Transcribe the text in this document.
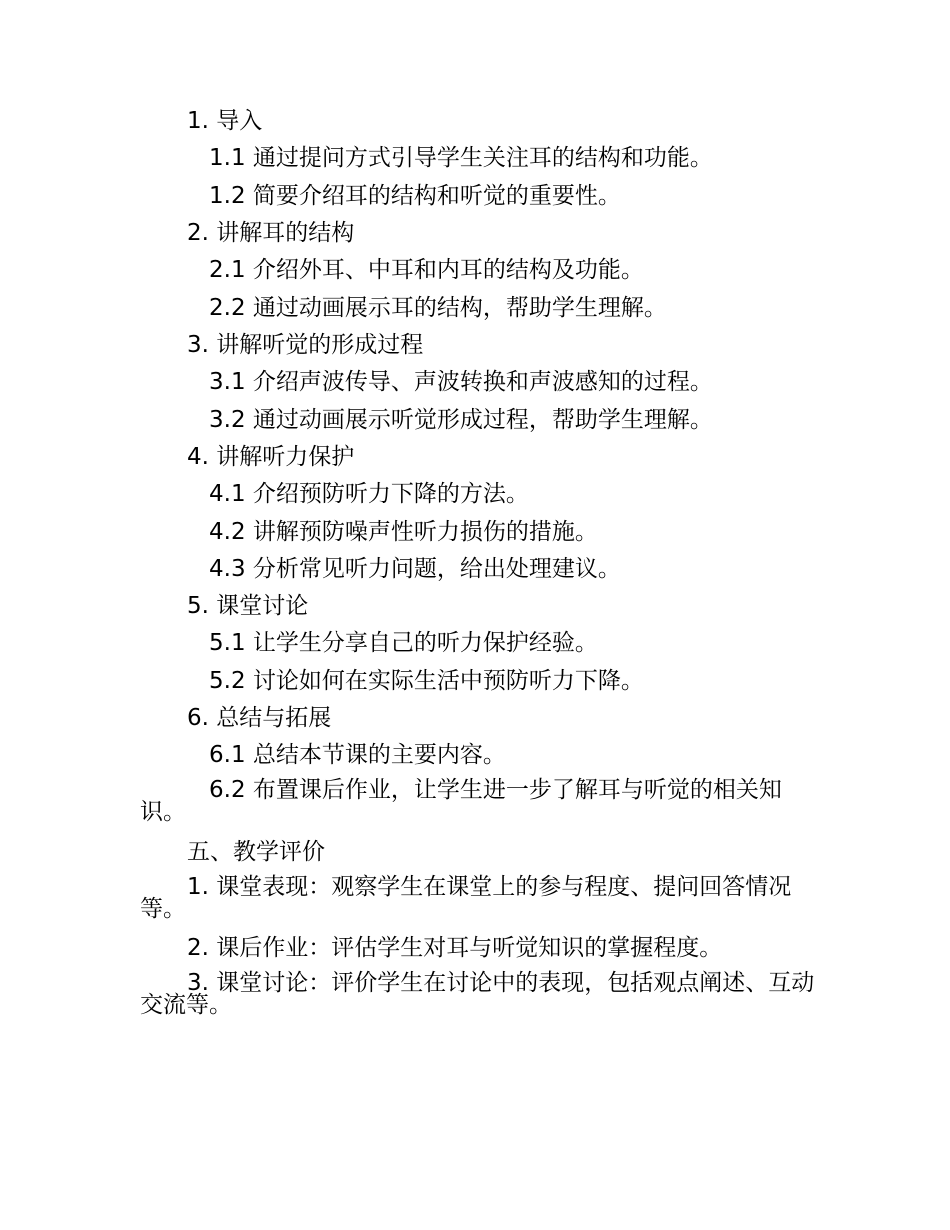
1. 导入

1.1 通过提问方式引导学生关注耳的结构和功能。

1.2 简要介绍耳的结构和听觉的重要性。

2. 讲解耳的结构

2.1 介绍外耳、中耳和内耳的结构及功能。

2.2 通过动画展示耳的结构，帮助学生理解。

3. 讲解听觉的形成过程

3.1 介绍声波传导、声波转换和声波感知的过程。

3.2 通过动画展示听觉形成过程，帮助学生理解。

4. 讲解听力保护

4.1 介绍预防听力下降的方法。

4.2 讲解预防噪声性听力损伤的措施。

4.3 分析常见听力问题，给出处理建议。

5. 课堂讨论

5.1 让学生分享自己的听力保护经验。

5.2 讨论如何在实际生活中预防听力下降。

6. 总结与拓展

6.1 总结本节课的主要内容。

6.2 布置课后作业，让学生进一步了解耳与听觉的相关知识。

五、教学评价

1. 课堂表现：观察学生在课堂上的参与程度、提问回答情况等。

2. 课后作业：评估学生对耳与听觉知识的掌握程度。

3. 课堂讨论：评价学生在讨论中的表现，包括观点阐述、互动交流等。
